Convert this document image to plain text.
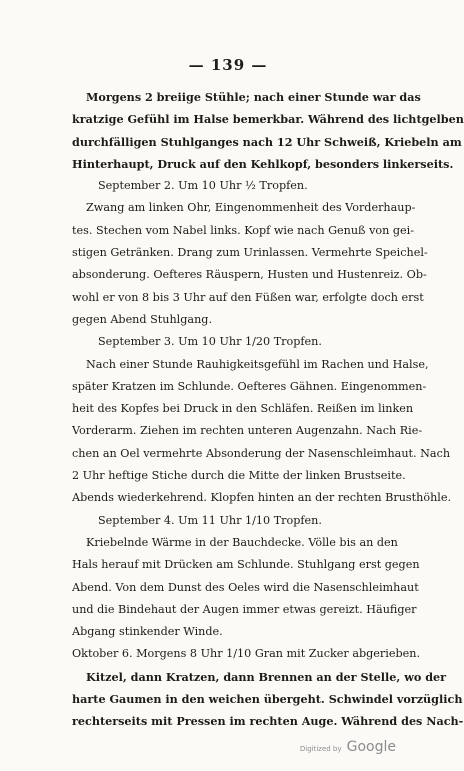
— 139 —
Morgens 2 breiige Stühle; nach einer Stunde war das
kratzige Gefühl im Halse bemerkbar. Während des lichtgelben
durchfälligen Stuhlganges nach 12 Uhr Schweiß, Kriebeln am
Hinterhaupt, Druck auf den Kehlkopf, besonders linkerseits.
September 2. Um 10 Uhr ½ Tropfen.
Zwang am linken Ohr, Eingenommenheit des Vorderhaup-
tes. Stechen vom Nabel links. Kopf wie nach Genuß von gei-
stigen Getränken. Drang zum Urinlassen. Vermehrte Speichel-
absonderung. Oefteres Räuspern, Husten und Hustenreiz. Ob-
wohl er von 8 bis 3 Uhr auf den Füßen war, erfolgte doch erst
gegen Abend Stuhlgang.
September 3. Um 10 Uhr 1/20 Tropfen.
Nach einer Stunde Rauhigkeitsgefühl im Rachen und Halse,
später Kratzen im Schlunde. Oefteres Gähnen. Eingenommen-
heit des Kopfes bei Druck in den Schläfen. Reißen im linken
Vorderarm. Ziehen im rechten unteren Augenzahn. Nach Rie-
chen an Oel vermehrte Absonderung der Nasenschleimhaut. Nach
2 Uhr heftige Stiche durch die Mitte der linken Brustseite.
Abends wiederkehrend. Klopfen hinten an der rechten Brusthöhle.
September 4. Um 11 Uhr 1/10 Tropfen.
Kriebelnde Wärme in der Bauchdecke. Völle bis an den
Hals herauf mit Drücken am Schlunde. Stuhlgang erst gegen
Abend. Von dem Dunst des Oeles wird die Nasenschleimhaut
und die Bindehaut der Augen immer etwas gereizt. Häufiger
Abgang stinkender Winde.
Oktober 6. Morgens 8 Uhr 1/10 Gran mit Zucker abgerieben.
Kitzel, dann Kratzen, dann Brennen an der Stelle, wo der
harte Gaumen in den weichen übergeht. Schwindel vorzüglich
rechterseits mit Pressen im rechten Auge. Während des Nach-
Digitized by Google
